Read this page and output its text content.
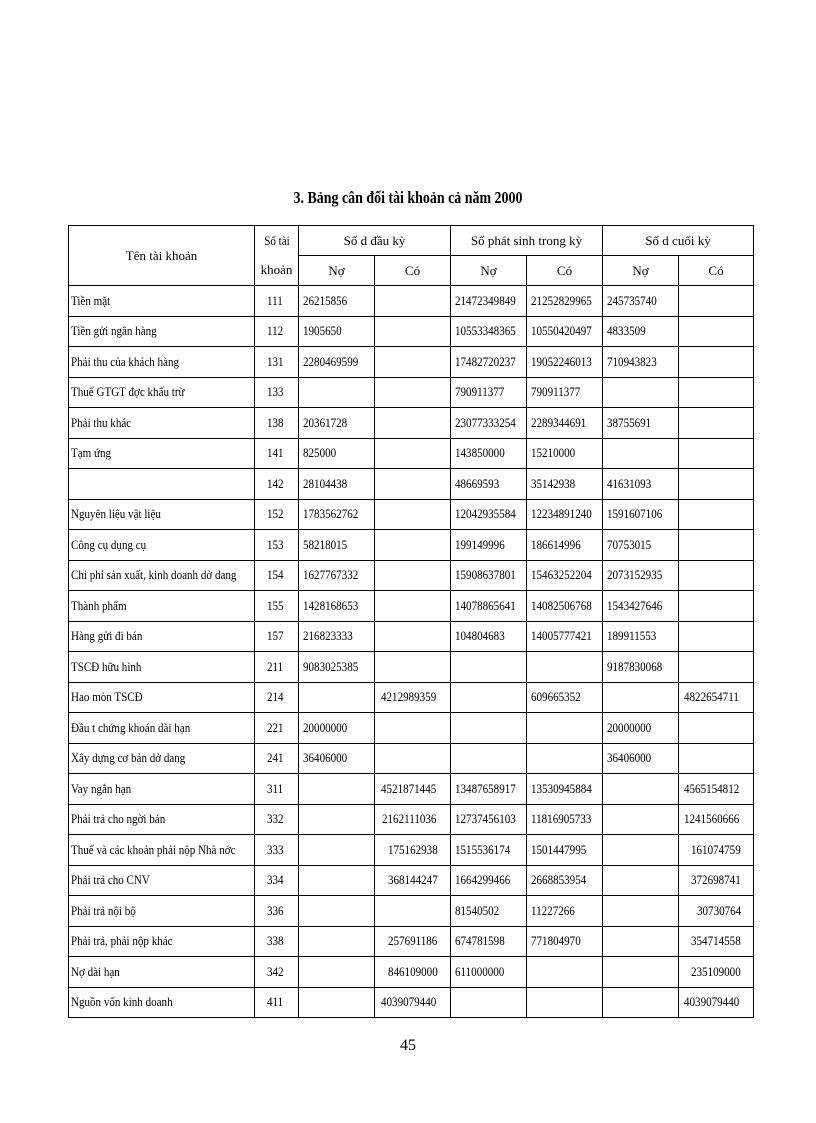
3. Bảng cân đối tài khoản cả năm 2000
Tên tài khoản	Số tài	Số d đầu kỳ		Số phát sinh trong kỳ		Số d cuối kỳ	
	khoản	Nợ	Có	Nợ	Có	Nợ	Có
Tiền mặt	111	26215856		21472349849	21252829965	245735740	
Tiền gửi ngân hàng	112	1905650		10553348365	10550420497	4833509	
Phải thu của khách hàng	131	2280469599		17482720237	19052246013	710943823	
Thuế GTGT đợc khấu trừ	133			790911377	790911377		
Phải thu khác	138	20361728		23077333254	2289344691	38755691	
Tạm ứng	141	825000		143850000	15210000		
	142	28104438		48669593	35142938	41631093	
Nguyên liệu vật liệu	152	1783562762		12042935584	12234891240	1591607106	
Công cụ dụng cụ	153	58218015		199149996	186614996	70753015	
Chi phí sản xuất, kinh doanh dở dang	154	1627767332		15908637801	15463252204	2073152935	
Thành phẩm	155	1428168653		14078865641	14082506768	1543427646	
Hàng gửi đi bán	157	216823333		104804683	14005777421	189911553	
TSCĐ hữu hình	211	9083025385				9187830068	
Hao mòn TSCĐ	214		4212989359		609665352		4822654711
Đầu t chứng khoán dài hạn	221	20000000				20000000	
Xây dựng cơ bản dở dang	241	36406000				36406000	
Vay ngắn hạn	311		4521871445	13487658917	13530945884		4565154812
Phải trả cho ngời bán	332		2162111036	12737456103	11816905733		1241560666
Thuế và các khoản phải nộp Nhà nớc	333		175162938	1515536174	1501447995		161074759
Phải trả cho CNV	334		368144247	1664299466	2668853954		372698741
Phải trả nội bộ	336			81540502	11227266		30730764
Phải trả, phải nộp khác	338		257691186	674781598	771804970		354714558
Nợ dài hạn	342		846109000	611000000			235109000
Nguồn vốn kinh doanh	411		4039079440				4039079440
45
